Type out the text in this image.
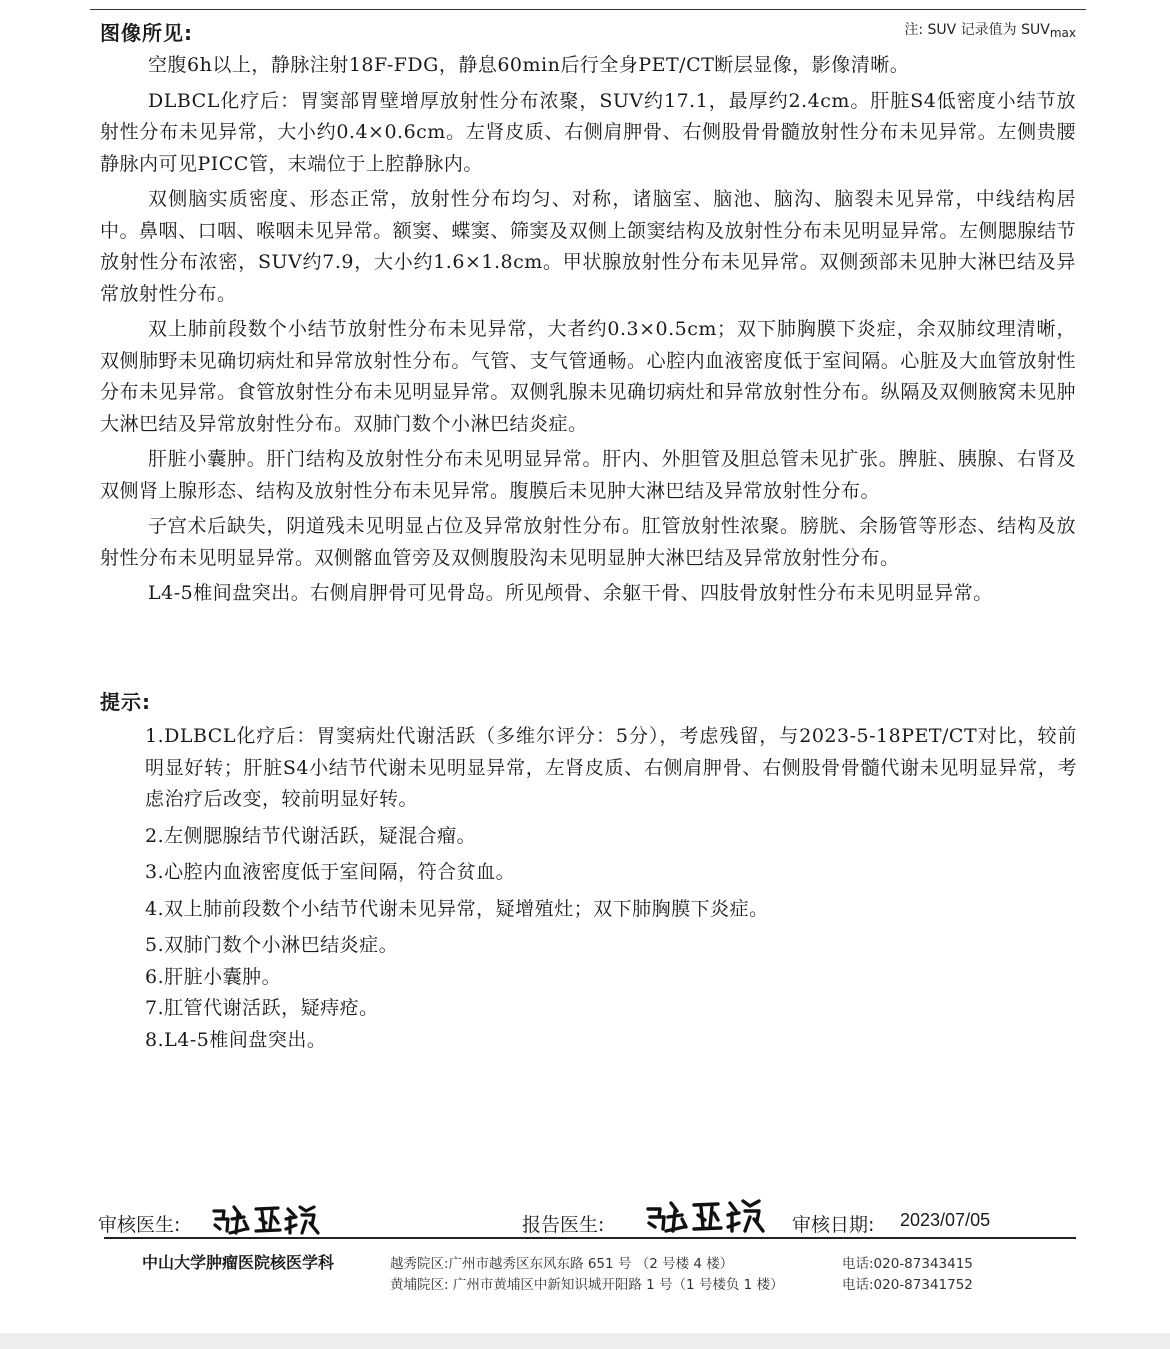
图像所见:	注: SUV 记录值为 $SUV_{max}$

空腹6h以上，静脉注射18F-FDG，静息60min后行全身PET/CT断层显像，影像清晰。

DLBCL化疗后：胃窦部胃壁增厚放射性分布浓聚，SUV约17.1，最厚约2.4cm。肝脏S4低密度小结节放射性分布未见异常，大小约0.4×0.6cm。左肾皮质、右侧肩胛骨、右侧股骨骨髓放射性分布未见异常。左侧贵腰静脉内可见PICC管，末端位于上腔静脉内。

双侧脑实质密度、形态正常，放射性分布均匀、对称，诸脑室、脑池、脑沟、脑裂未见异常，中线结构居中。鼻咽、口咽、喉咽未见异常。额窦、蝶窦、筛窦及双侧上颌窦结构及放射性分布未见明显异常。左侧腮腺结节放射性分布浓密，SUV约7.9，大小约1.6×1.8cm。甲状腺放射性分布未见异常。双侧颈部未见肿大淋巴结及异常放射性分布。

双上肺前段数个小结节放射性分布未见异常，大者约0.3×0.5cm；双下肺胸膜下炎症，余双肺纹理清晰，双侧肺野未见确切病灶和异常放射性分布。气管、支气管通畅。心腔内血液密度低于室间隔。心脏及大血管放射性分布未见异常。食管放射性分布未见明显异常。双侧乳腺未见确切病灶和异常放射性分布。纵隔及双侧腋窝未见肿大淋巴结及异常放射性分布。双肺门数个小淋巴结炎症。

肝脏小囊肿。肝门结构及放射性分布未见明显异常。肝内、外胆管及胆总管未见扩张。脾脏、胰腺、右肾及双侧肾上腺形态、结构及放射性分布未见异常。腹膜后未见肿大淋巴结及异常放射性分布。

子宫术后缺失，阴道残未见明显占位及异常放射性分布。肛管放射性浓聚。膀胱、余肠管等形态、结构及放射性分布未见明显异常。双侧髂血管旁及双侧腹股沟未见明显肿大淋巴结及异常放射性分布。

L4-5椎间盘突出。右侧肩胛骨可见骨岛。所见颅骨、余躯干骨、四肢骨放射性分布未见明显异常。

提示:
1.DLBCL化疗后：胃窦病灶代谢活跃（多维尔评分：5分），考虑残留，与2023-5-18PET/CT对比，较前明显好转；肝脏S4小结节代谢未见明显异常，左肾皮质、右侧肩胛骨、右侧股骨骨髓代谢未见明显异常，考虑治疗后改变，较前明显好转。
2.左侧腮腺结节代谢活跃，疑混合瘤。
3.心腔内血液密度低于室间隔，符合贫血。
4.双上肺前段数个小结节代谢未见异常，疑增殖灶；双下肺胸膜下炎症。
5.双肺门数个小淋巴结炎症。
6.肝脏小囊肿。
7.肛管代谢活跃，疑痔疮。
8.L4-5椎间盘突出。
审核医生:	报告医生:	审核日期: 2023/07/05
中山大学肿瘤医院核医学科	越秀院区:广州市越秀区东风东路 651 号 （2 号楼 4 楼）
黄埔院区: 广州市黄埔区中新知识城开阳路 1 号（1 号楼负 1 楼）
电话:020-87343415
电话:020-87341752
